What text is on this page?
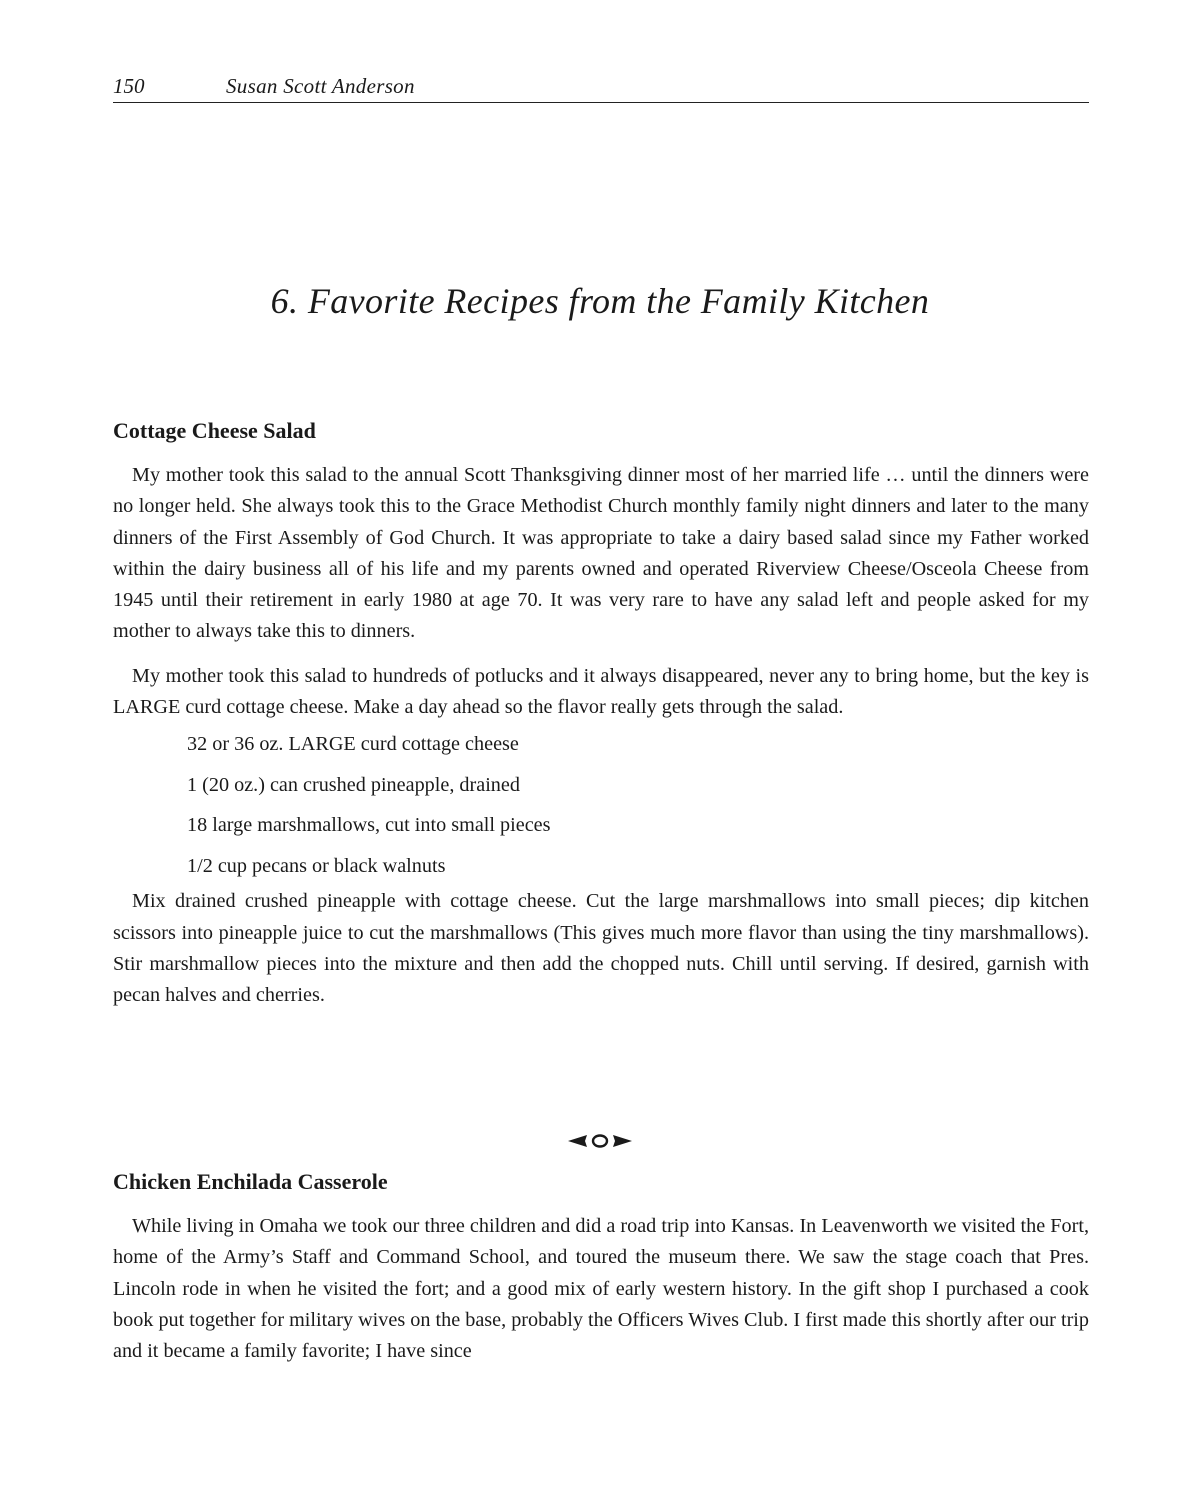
150	Susan Scott Anderson
6. Favorite Recipes from the Family Kitchen
Cottage Cheese Salad

My mother took this salad to the annual Scott Thanksgiving dinner most of her married life … until the dinners were no longer held. She always took this to the Grace Methodist Church monthly family night dinners and later to the many dinners of the First Assembly of God Church. It was appropriate to take a dairy based salad since my Father worked within the dairy business all of his life and my parents owned and operated Riverview Cheese/Osceola Cheese from 1945 until their retirement in early 1980 at age 70. It was very rare to have any salad left and people asked for my mother to always take this to dinners.

My mother took this salad to hundreds of potlucks and it always disappeared, never any to bring home, but the key is LARGE curd cottage cheese. Make a day ahead so the flavor really gets through the salad.

32 or 36 oz. LARGE curd cottage cheese
1 (20 oz.) can crushed pineapple, drained
18 large marshmallows, cut into small pieces
1/2 cup pecans or black walnuts

Mix drained crushed pineapple with cottage cheese. Cut the large marshmallows into small pieces; dip kitchen scissors into pineapple juice to cut the marshmallows (This gives much more flavor than using the tiny marshmallows). Stir marshmallow pieces into the mixture and then add the chopped nuts. Chill until serving. If desired, garnish with pecan halves and cherries.

Chicken Enchilada Casserole

While living in Omaha we took our three children and did a road trip into Kansas. In Leavenworth we visited the Fort, home of the Army’s Staff and Command School, and toured the museum there. We saw the stage coach that Pres. Lincoln rode in when he visited the fort; and a good mix of early western history. In the gift shop I purchased a cook book put together for military wives on the base, probably the Officers Wives Club. I first made this shortly after our trip and it became a family favorite; I have since
